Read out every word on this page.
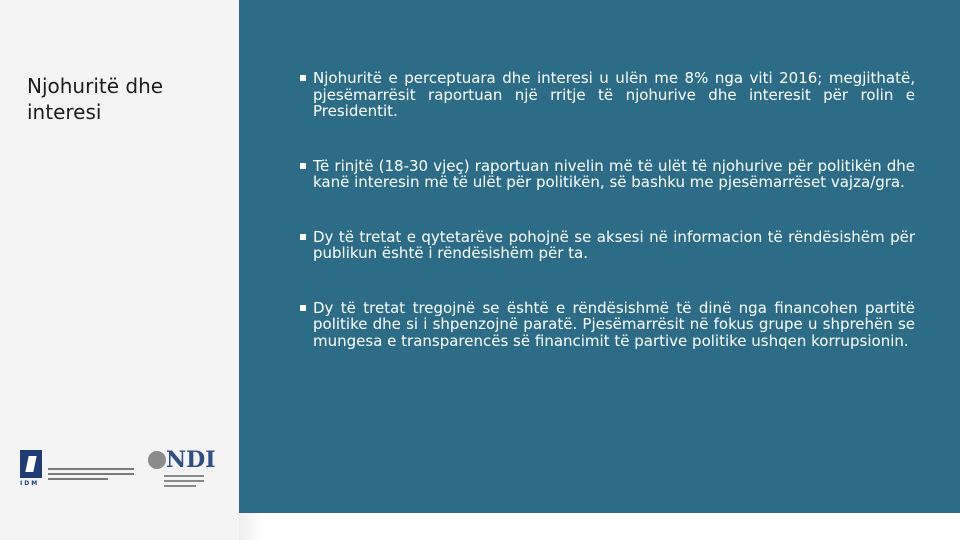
Njohuritë dhe interesi
IDM
NDI
Njohuritë e perceptuara dhe interesi u ulën me 8% nga viti 2016; megjithatë, pjesëmarrësit raportuan një rritje të njohurive dhe interesit për rolin e Presidentit.
Të rinjtë (18-30 vjeç) raportuan nivelin më të ulët të njohurive për politikën dhe kanë interesin më të ulët për politikën, së bashku me pjesëmarrëset vajza/gra.
Dy të tretat e qytetarëve pohojnë se aksesi në informacion të rëndësishëm për publikun është i rëndësishëm për ta.
Dy të tretat tregojnë se është e rëndësishmë të dinë nga financohen partitë politike dhe si i shpenzojnë paratë. Pjesëmarrësit në fokus grupe u shprehën se mungesa e transparencës së financimit të partive politike ushqen korrupsionin.
